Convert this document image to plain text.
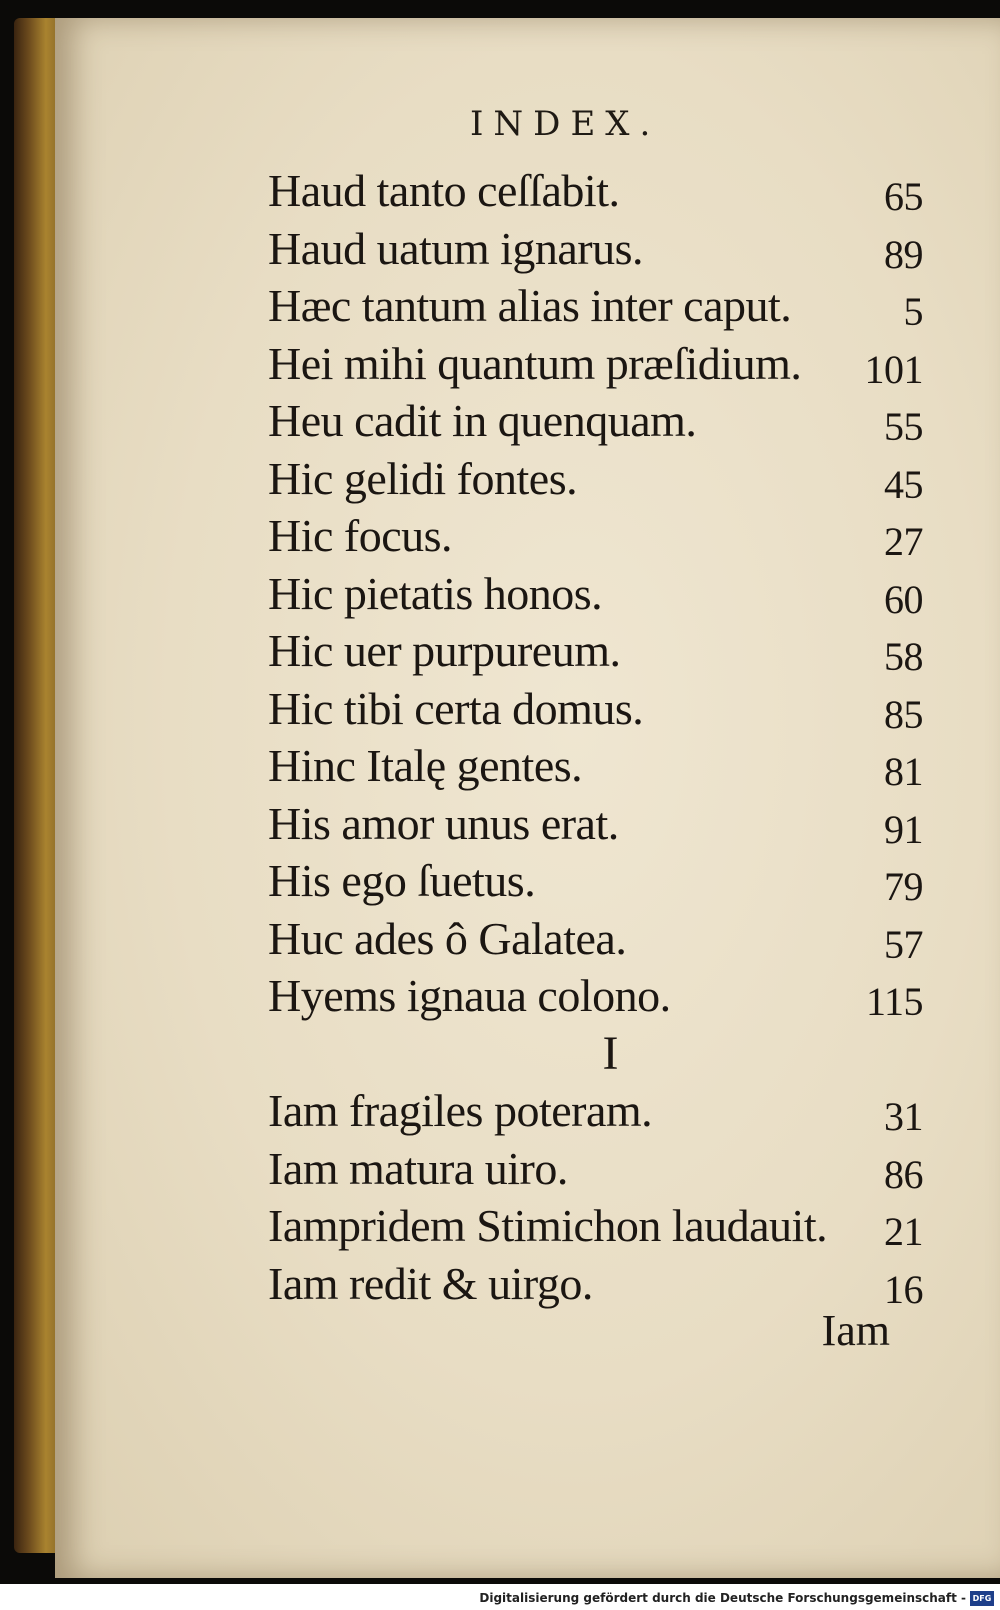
INDEX.
Haud tanto ceſſabit.	65
Haud uatum ignarus.	89
Hæc tantum alias inter caput.	5
Hei mihi quantum præſidium. 101
Heu cadit in quenquam.	55
Hic gelidi fontes.	45
Hic focus.	27
Hic pietatis honos.	60
Hic uer purpureum.	58
Hic tibi certa domus.	85
Hinc Italę gentes.	81
His amor unus erat.	91
His ego ſuetus.	79
Huc ades ô Galatea.	57
Hyems ignaua colono.	115
I
Iam fragiles poteram.	31
Iam matura uiro.	86
Iampridem Stimichon laudauit. 21
Iam redit & uirgo.	16
Iam
Digitalisierung gefördert durch die Deutsche Forschungsgemeinschaft - DFG
